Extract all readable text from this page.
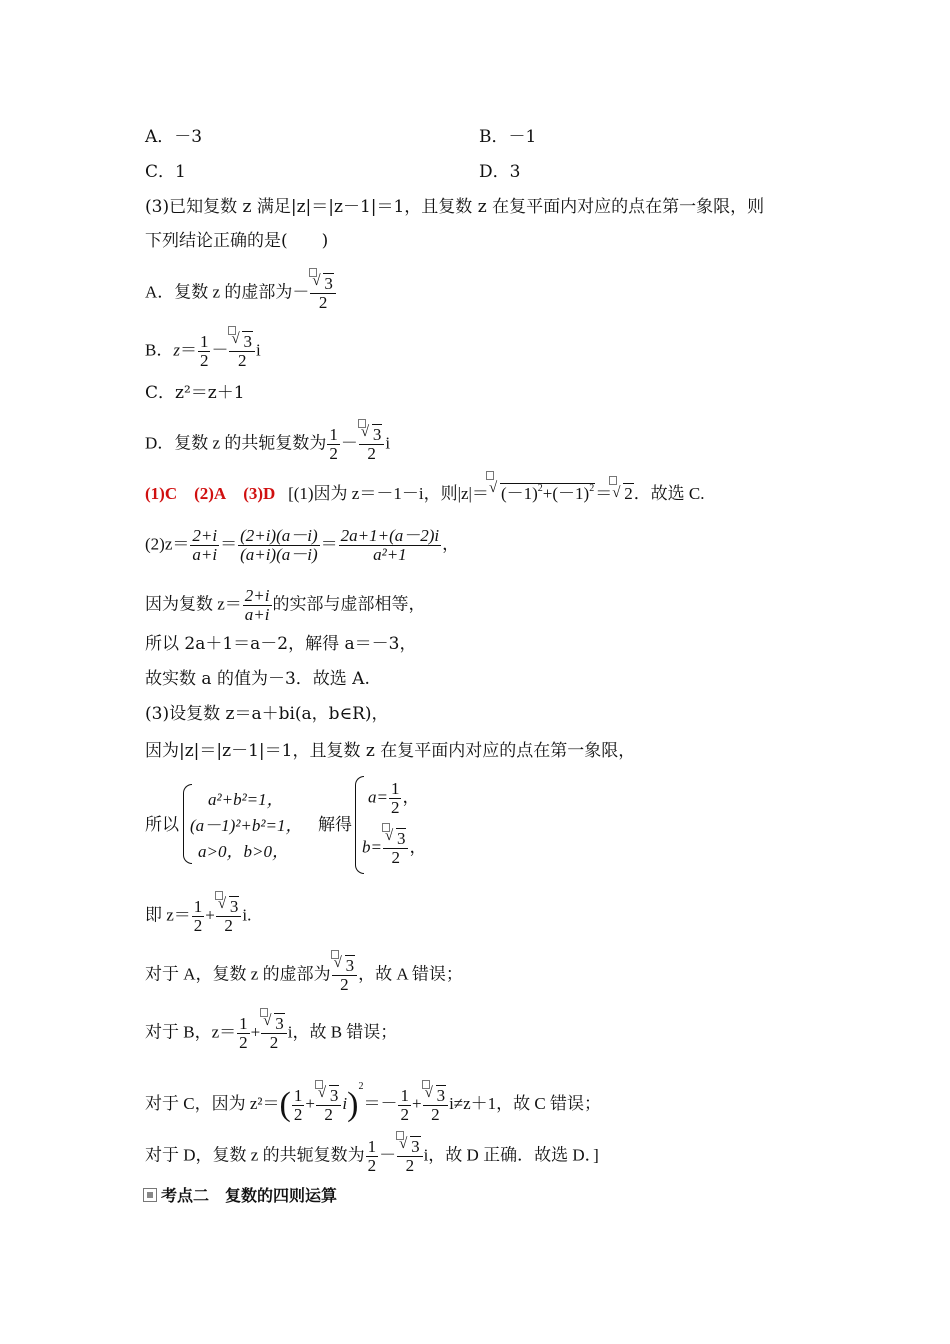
A．－3	B．－1
C．1	D．3
(3)已知复数 z 满足|z|＝|z－1|＝1，且复数 z 在复平面内对应的点在第一象限，则
下列结论正确的是(　　)
A．复数 z 的虚部为－ $\frac{√ 3}{2}$
B．$z= \frac{1}{2} - \frac{√ 3}{2}$ i
C．z²＝z＋1
D．复数 z 的共轭复数为 $\frac{1}{2} - \frac{√ 3}{2}$ i
(1)C (2)A (3)D [(1)因为 z＝－1－i，则|z|＝ √ $(-1)^2+(-1)^2=$ √ 2．故选 C.
$(2)z= \frac{2+i}{a+i} = \frac{(2+i)(a-i)}{(a+i)(a-i)} = \frac{2a+1+(a-2)i}{\text{a²+1}}$ ，
因为复数 $z= \frac{2+i}{a+i}$ 的实部与虚部相等，
所以 2a＋1＝a－2，解得 a＝－3，
故实数 a 的值为－3．故选 A.
(3)设复数 z＝a＋bi(a，b∈R)，
因为|z|＝|z－1|＝1，且复数 z 在复平面内对应的点在第一象限，
所以
a²+b²=1，
(a－1)²+b²=1，
a>0，b>0，
解得
$a= \frac{1}{2}$ ，
$b= \frac{√ 3}{2}$ ，
即 $z= \frac{1}{2} + \frac{√ 3}{2} i$.
对于 A，复数 z 的虚部为 $\frac{√ 3}{2}$ ，故 A 错误；
对于 B，$z= \frac{1}{2} + \frac{√ 3}{2}$ i，故 B 错误；
对于 C，因为 $z^2=( \frac{1}{2} + \frac{√ 3}{2} i)^2=- \frac{1}{2} + \frac{√ 3}{2} i\ne z+1$，故 C 错误；
对于 D，复数 z 的共轭复数为 $\frac{1}{2} - \frac{√ 3}{2}$ i，故 D 正确．故选 D．]
考点二　复数的四则运算
